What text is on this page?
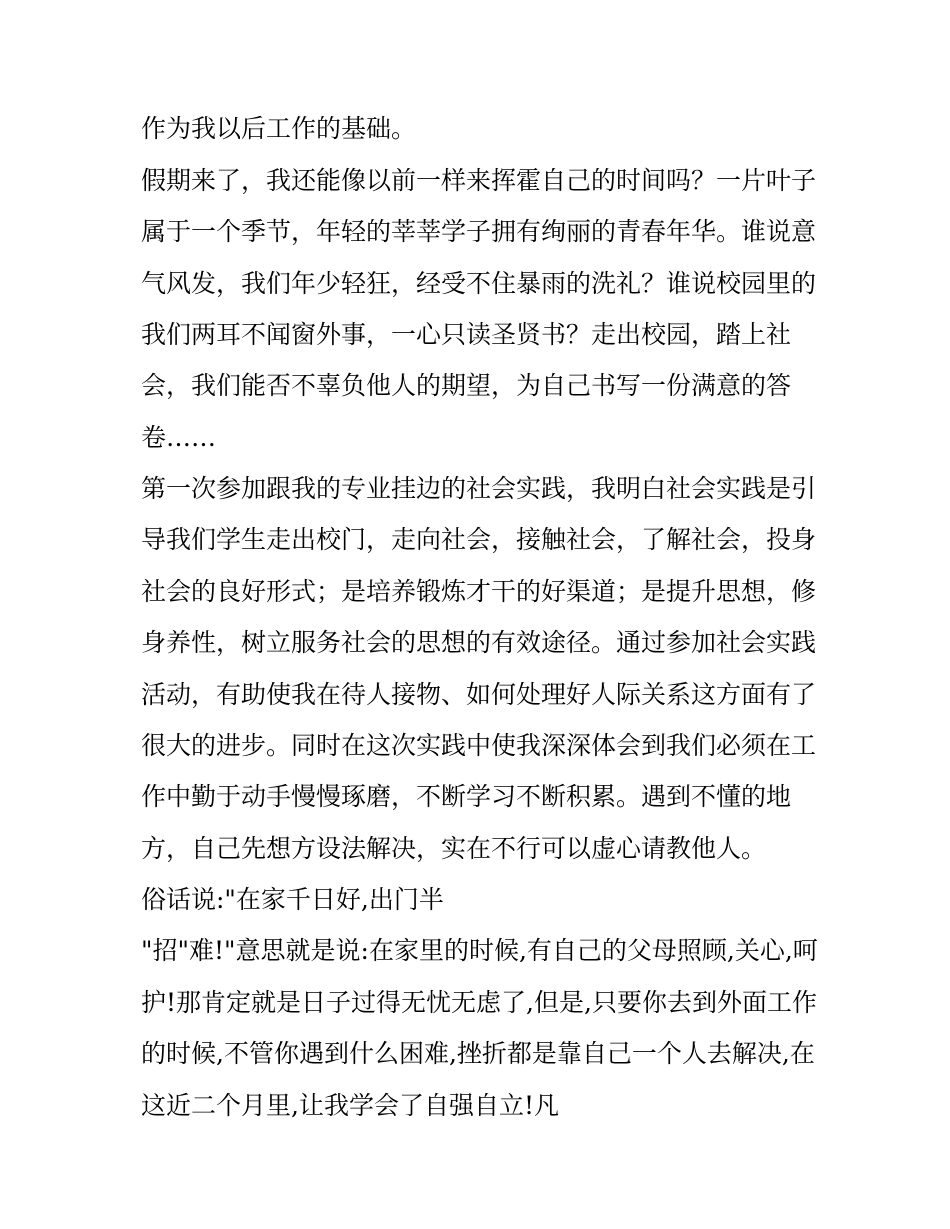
作为我以后工作的基础。

假期来了，我还能像以前一样来挥霍自己的时间吗？一片叶子

属于一个季节，年轻的莘莘学子拥有绚丽的青春年华。谁说意

气风发，我们年少轻狂，经受不住暴雨的洗礼？谁说校园里的

我们两耳不闻窗外事，一心只读圣贤书？走出校园，踏上社

会，我们能否不辜负他人的期望，为自己书写一份满意的答

卷……

第一次参加跟我的专业挂边的社会实践，我明白社会实践是引

导我们学生走出校门，走向社会，接触社会，了解社会，投身

社会的良好形式；是培养锻炼才干的好渠道；是提升思想，修

身养性，树立服务社会的思想的有效途径。通过参加社会实践

活动，有助使我在待人接物、如何处理好人际关系这方面有了

很大的进步。同时在这次实践中使我深深体会到我们必须在工

作中勤于动手慢慢琢磨，不断学习不断积累。遇到不懂的地

方，自己先想方设法解决，实在不行可以虚心请教他人。

俗话说:"在家千日好,出门半

"招"难!"意思就是说:在家里的时候,有自己的父母照顾,关心,呵

护!那肯定就是日子过得无忧无虑了,但是,只要你去到外面工作

的时候,不管你遇到什么困难,挫折都是靠自己一个人去解决,在

这近二个月里,让我学会了自强自立!凡
